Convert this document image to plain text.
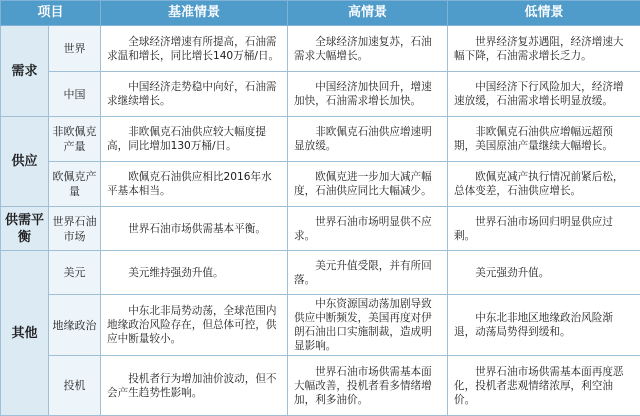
项目		基准情景	高情景	低情景
需求	世界	全球经济增速有所提高，石油需求温和增长，同比增长140万桶/日。	全球经济加速复苏，石油需求大幅增长。	世界经济复苏遇阻，经济增速大幅下降，石油需求增长乏力。
	中国	中国经济走势稳中向好，石油需求继续增长。	中国经济加快回升，增速加快，石油需求增长加快。	中国经济下行风险加大，经济增速放缓，石油需求增长明显放缓。
供应	非欧佩克产量	非欧佩克石油供应较大幅度提高，同比增加130万桶/日。	非欧佩克石油供应增速明显放缓。	非欧佩克石油供应增幅远超预期，美国原油产量继续大幅增长。
	欧佩克产量	欧佩克石油供应相比2016年水平基本相当。	欧佩克进一步加大减产幅度，石油供应同比大幅减少。	欧佩克减产执行情况前紧后松，总体变差，石油供应增长。
供需平衡	世界石油市场	世界石油市场供需基本平衡。	世界石油市场明显供不应求。	世界石油市场回归明显供应过剩。
其他	美元	美元维持强劲升值。	美元升值受限，并有所回落。	美元强劲升值。
	地缘政治	中东北非局势动荡，全球范围内地缘政治风险存在，但总体可控，供应中断量较小。	中东资源国动荡加剧导致供应中断频发，美国再度对伊朗石油出口实施制裁，造成明显影响。	中东北非地区地缘政治风险渐退，动荡局势得到缓和。
	投机	投机者行为增加油价波动，但不会产生趋势性影响。	世界石油市场供需基本面大幅改善，投机者看多情绪增加，利多油价。	世界石油市场供需基本面再度恶化，投机者悲观情绪浓厚，利空油价。
